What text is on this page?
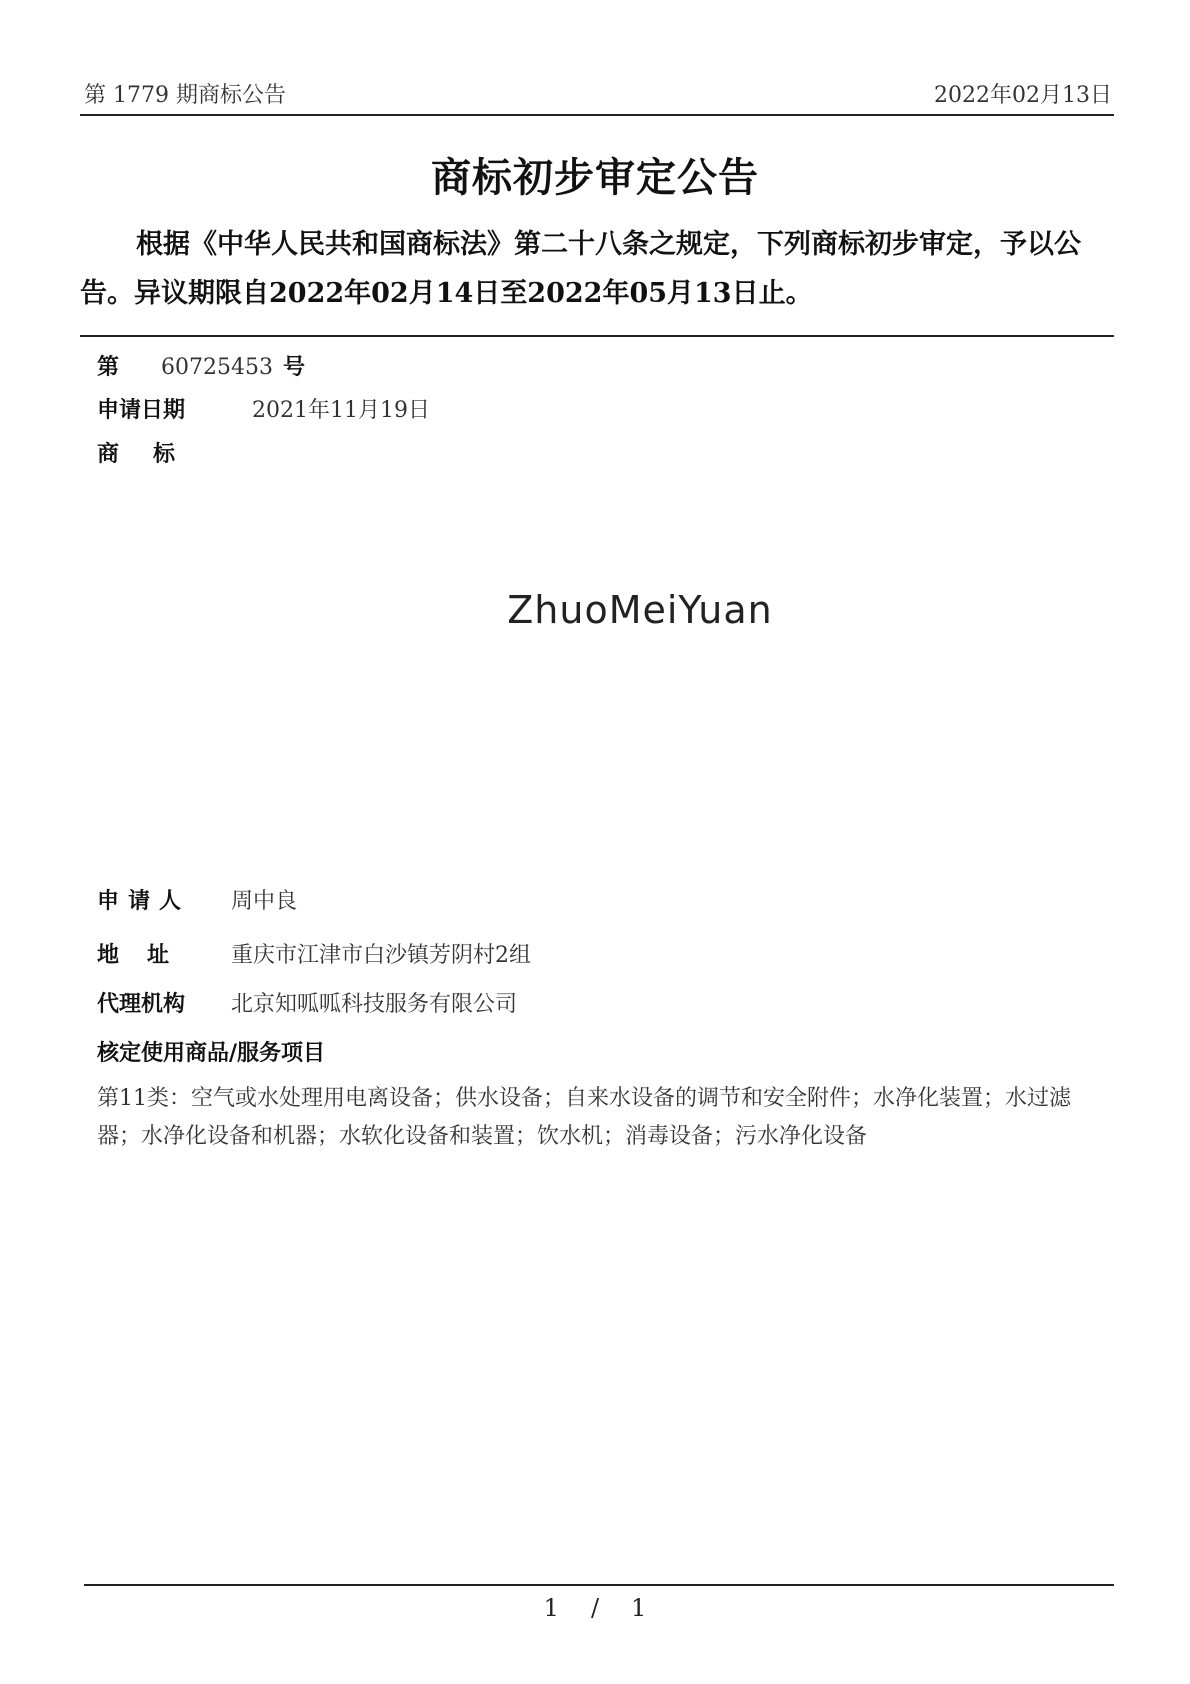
第 1779 期商标公告	2022年02月13日
商标初步审定公告
根据《中华人民共和国商标法》第二十八条之规定，下列商标初步审定，予以公告。异议期限自2022年02月14日至2022年05月13日止。
第 60725453 号
申请日期	2021年11月19日
商标
ZhuoMeiYuan
申请人 周中良
地址 重庆市江津市白沙镇芳阴村2组
代理机构 北京知呱呱科技服务有限公司
核定使用商品/服务项目
第11类：空气或水处理用电离设备；供水设备；自来水设备的调节和安全附件；水净化装置；水过滤器；水净化设备和机器；水软化设备和装置；饮水机；消毒设备；污水净化设备
1 / 1
